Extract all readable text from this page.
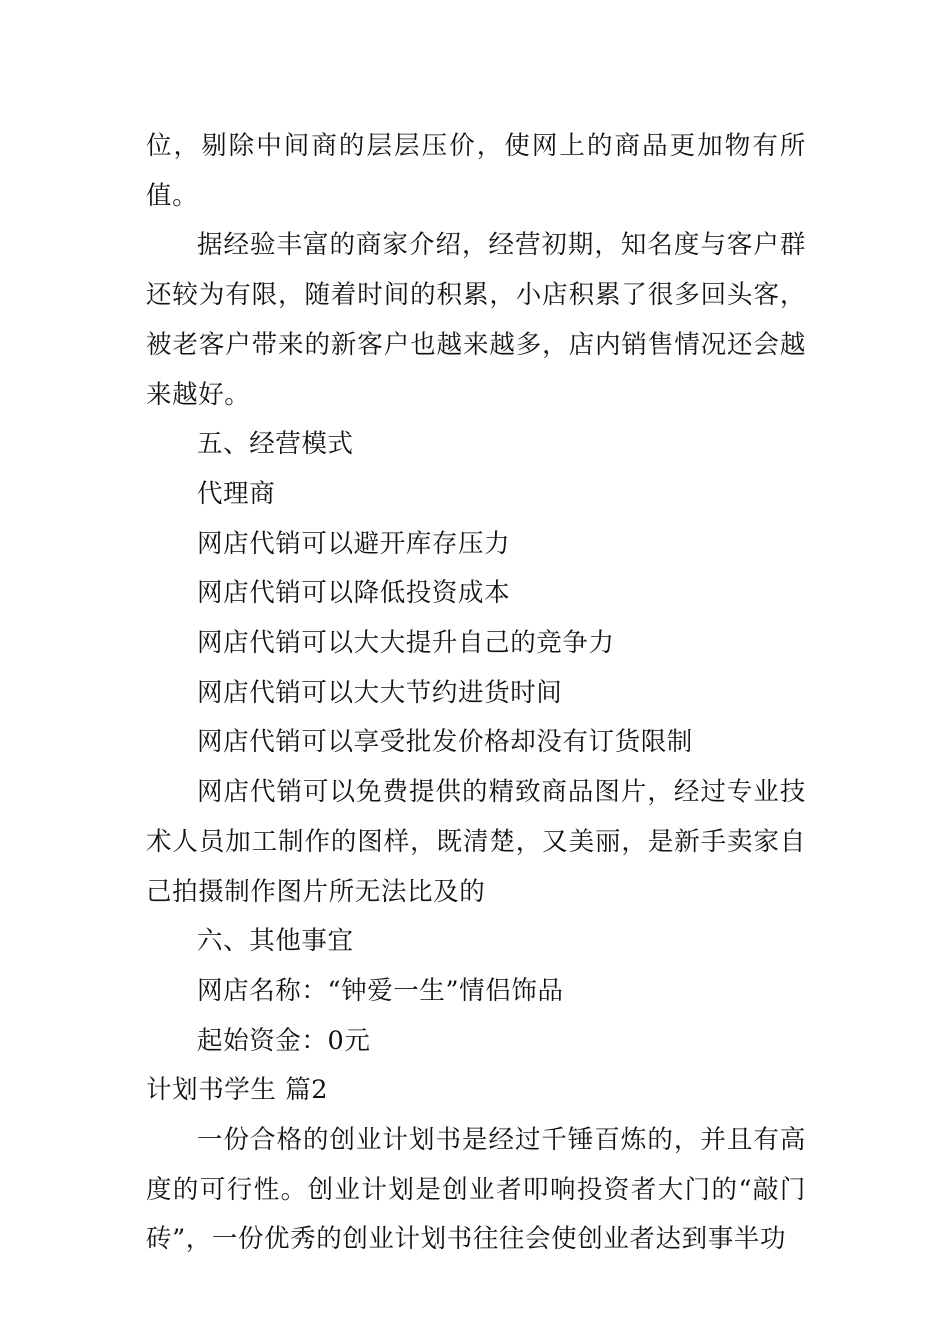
位，剔除中间商的层层压价，使网上的商品更加物有所值。

据经验丰富的商家介绍，经营初期，知名度与客户群还较为有限，随着时间的积累，小店积累了很多回头客，被老客户带来的新客户也越来越多，店内销售情况还会越来越好。

五、经营模式

代理商

网店代销可以避开库存压力

网店代销可以降低投资成本

网店代销可以大大提升自己的竞争力

网店代销可以大大节约进货时间

网店代销可以享受批发价格却没有订货限制

网店代销可以免费提供的精致商品图片，经过专业技术人员加工制作的图样，既清楚，又美丽，是新手卖家自己拍摄制作图片所无法比及的

六、其他事宜

网店名称：“钟爱一生”情侣饰品

起始资金：0元

计划书学生 篇2

一份合格的创业计划书是经过千锤百炼的，并且有高度的可行性。创业计划是创业者叩响投资者大门的“敲门砖”，一份优秀的创业计划书往往会使创业者达到事半功
